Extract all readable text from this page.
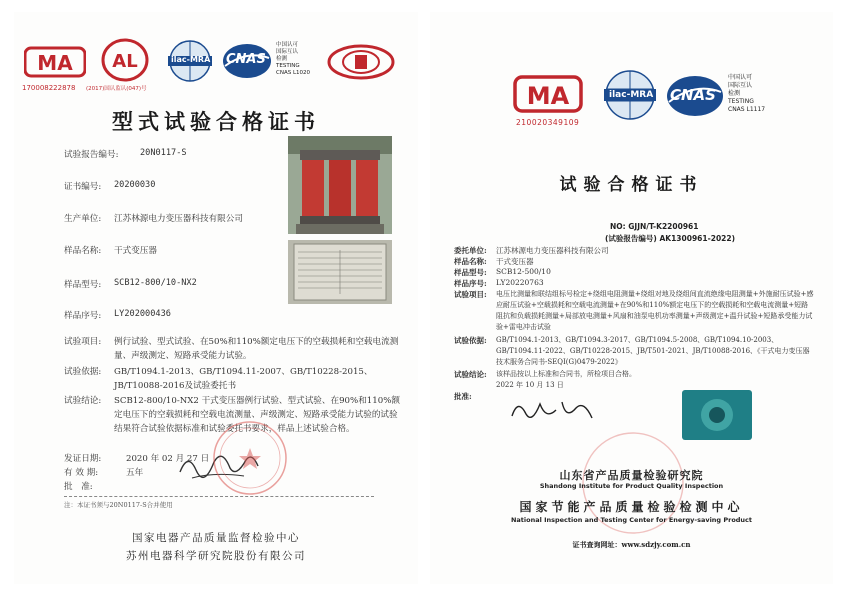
MA
170008222878
AL
(2017)国认监认(047)号
ilac-MRA CNAS
中国认可
国际互认
检测
TESTING
CNAS L1020
型式试验合格证书
试验报告编号:	20N0117-S
证书编号: 20200030
生产单位: 江苏林源电力变压器科技有限公司
样品名称: 干式变压器
样品型号: SCB12-800/10-NX2
样品序号: LY202000436
试验项目: 例行试验、型式试验、在50%和110%额定电压下的空载损耗和空载电流测量、声级测定、短路承受能力试验。
试验依据: GB/T1094.1-2013、GB/T1094.11-2007、GB/T10228-2015、JB/T10088-2016及试验委托书
试验结论: SCB12-800/10-NX2 干式变压器例行试验、型式试验、在90%和110%额定电压下的空载损耗和空载电流测量、声级测定、短路承受能力试验的试验结果符合试验依据标准和试验委托书要求，样品上述试验合格。
发证日期:	2020 年 02 月 27 日
有 效 期:	五年
批　准:
注：本证书须与20N0117-S合并使用
国家电器产品质量监督检验中心
苏州电器科学研究院股份有限公司
MA
210020349109
ilac-MRA CNAS
中国认可
国际互认
检测
TESTING
CNAS L1117
试验合格证书
NO: GJJN/T-K2200961
(试验报告编号) AK1300961-2022)
委托单位: 江苏林源电力变压器科技有限公司
样品名称: 干式变压器
样品型号: SCB12-500/10
样品序号: LY20220763
试验项目: 电压比测量和联结组标号检定+绕组电阻测量+绕组对地及绕组间直流绝缘电阻测量+外施耐压试验+感应耐压试验+空载损耗和空载电流测量+在90%和110%额定电压下的空载损耗和空载电流测量+短路阻抗和负载损耗测量+局部放电测量+风扇和油泵电机功率测量+声级测定+温升试验+短路承受能力试验+雷电冲击试验
试验依据: GB/T1094.1-2013、GB/T1094.3-2017、GB/T1094.5-2008、GB/T1094.10-2003、GB/T1094.11-2022、GB/T10228-2015、JB/T501-2021、JB/T10088-2016、《干式电力变压器技术服务合同书-SEQI(G)0479-2022》
试验结论: 该样品按以上标准和合同书，所检项目合格。
2022 年 10 月 13 日
批准:
山东省产品质量检验研究院
Shandong Institute for Product Quality Inspection
国家节能产品质量检验检测中心
National Inspection and Testing Center for Energy-saving Product
证书查询网址：www.sdzjy.com.cn
